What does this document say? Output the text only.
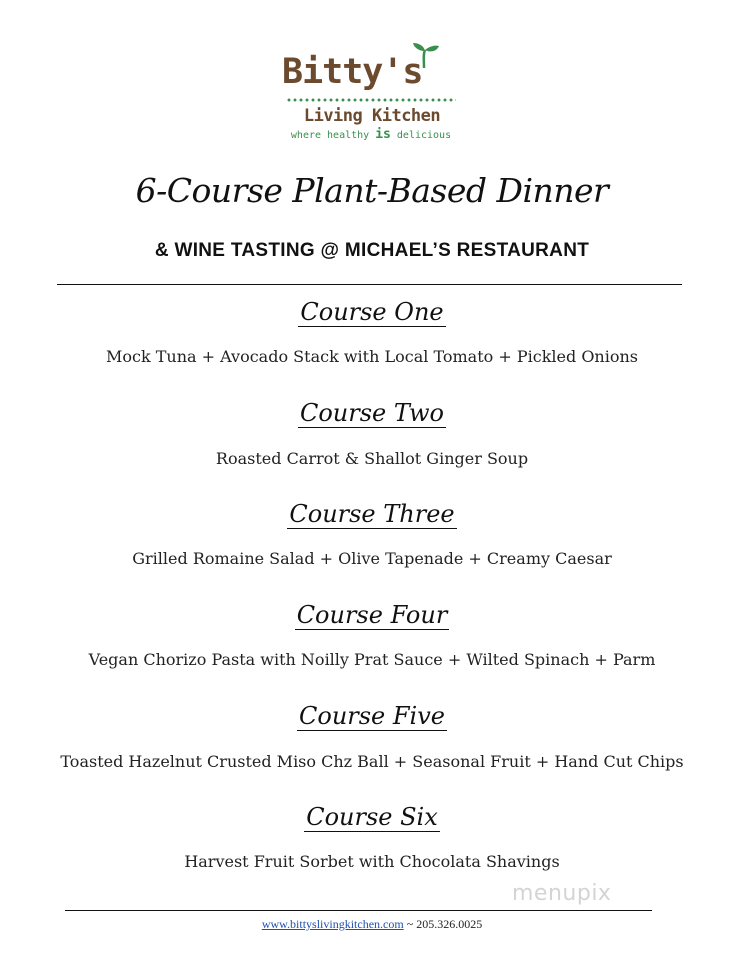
Bitty's
Living Kitchen
where healthy is delicious
6-Course Plant-Based Dinner
& WINE TASTING @ MICHAEL’S RESTAURANT
Course One
Mock Tuna + Avocado Stack with Local Tomato + Pickled Onions
Course Two
Roasted Carrot & Shallot Ginger Soup
Course Three
Grilled Romaine Salad + Olive Tapenade + Creamy Caesar
Course Four
Vegan Chorizo Pasta with Noilly Prat Sauce + Wilted Spinach + Parm
Course Five
Toasted Hazelnut Crusted Miso Chz Ball + Seasonal Fruit + Hand Cut Chips
Course Six
Harvest Fruit Sorbet with Chocolata Shavings
menupix
www.bittyslivingkitchen.com ~ 205.326.0025
